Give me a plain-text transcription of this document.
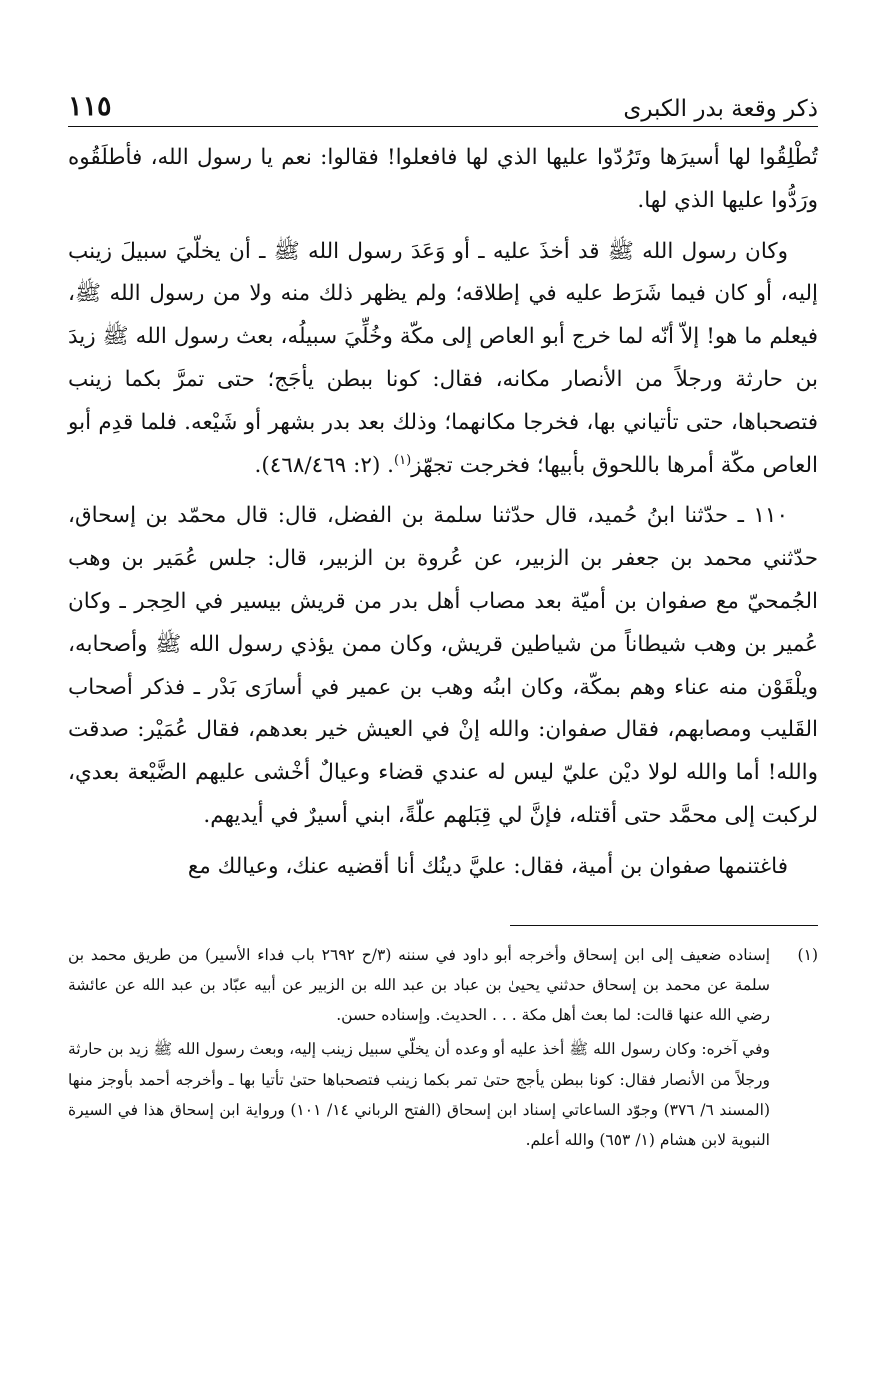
ذكر وقعة بدر الكبرى
١١٥

تُطْلِقُوا لها أسيرَها وتَرُدّوا عليها الذي لها فافعلوا! فقالوا: نعم يا رسول الله، فأطلَقُوه ورَدُّوا عليها الذي لها.

وكان رسول الله ﷺ قد أخذَ عليه ـ أو وَعَدَ رسول الله ﷺ ـ أن يخلّيَ سبيلَ زينب إليه، أو كان فيما شَرَط عليه في إطلاقه؛ ولم يظهر ذلك منه ولا من رسول الله ﷺ، فيعلم ما هو! إلاّ أنّه لما خرج أبو العاص إلى مكّة وخُلِّيَ سبيلُه، بعث رسول الله ﷺ زيدَ بن حارثة ورجلاً من الأنصار مكانه، فقال: كونا ببطن يأجَج؛ حتى تمرَّ بكما زينب فتصحباها، حتى تأتياني بها، فخرجا مكانهما؛ وذلك بعد بدر بشهر أو شَيْعه. فلما قدِم أبو العاص مكّة أمرها باللحوق بأبيها؛ فخرجت تجهّز$^{(١)}$. (٢: ٤٦٨/٤٦٩).

١١٠ ـ حدّثنا ابنُ حُميد، قال حدّثنا سلمة بن الفضل، قال: قال محمّد بن إسحاق، حدّثني محمد بن جعفر بن الزبير، عن عُروة بن الزبير، قال: جلس عُمَير بن وهب الجُمحيّ مع صفوان بن أميّة بعد مصاب أهل بدر من قريش بيسير في الحِجر ـ وكان عُمير بن وهب شيطاناً من شياطين قريش، وكان ممن يؤذي رسول الله ﷺ وأصحابه، ويلْقَوْن منه عناء وهم بمكّة، وكان ابنُه وهب بن عمير في أسارَى بَدْر ـ فذكر أصحاب القَليب ومصابهم، فقال صفوان: والله إنْ في العيش خير بعدهم، فقال عُمَيْر: صدقت والله! أما والله لولا ديْن عليّ ليس له عندي قضاء وعيالٌ أخْشى عليهم الضَّيْعة بعدي، لركبت إلى محمَّد حتى أقتله، فإنَّ لي قِبَلهم علّةً، ابني أسيرٌ في أيديهم.

فاغتنمها صفوان بن أمية، فقال: عليَّ دينُك أنا أقضيه عنك، وعيالك مع

(١)

إسناده ضعيف إلى ابن إسحاق وأخرجه أبو داود في سننه (٣/ح ٢٦٩٢ باب فداء الأسير) من طريق محمد بن سلمة عن محمد بن إسحاق حدثني يحيىٰ بن عباد بن عبد الله بن الزبير عن أبيه عبّاد بن عبد الله عن عائشة رضي الله عنها قالت: لما بعث أهل مكة . . . الحديث. وإسناده حسن.

وفي آخره: وكان رسول الله ﷺ أخذ عليه أو وعده أن يخلّي سبيل زينب إليه، وبعث رسول الله ﷺ زيد بن حارثة ورجلاً من الأنصار فقال: كونا ببطن يأجج حتىٰ تمر بكما زينب فتصحباها حتىٰ تأتيا بها ـ وأخرجه أحمد بأوجز منها (المسند ٦/ ٣٧٦) وجوّد الساعاتي إسناد ابن إسحاق (الفتح الرباني ١٤/ ١٠١) ورواية ابن إسحاق هذا في السيرة النبوية لابن هشام (١/ ٦٥٣) والله أعلم.
